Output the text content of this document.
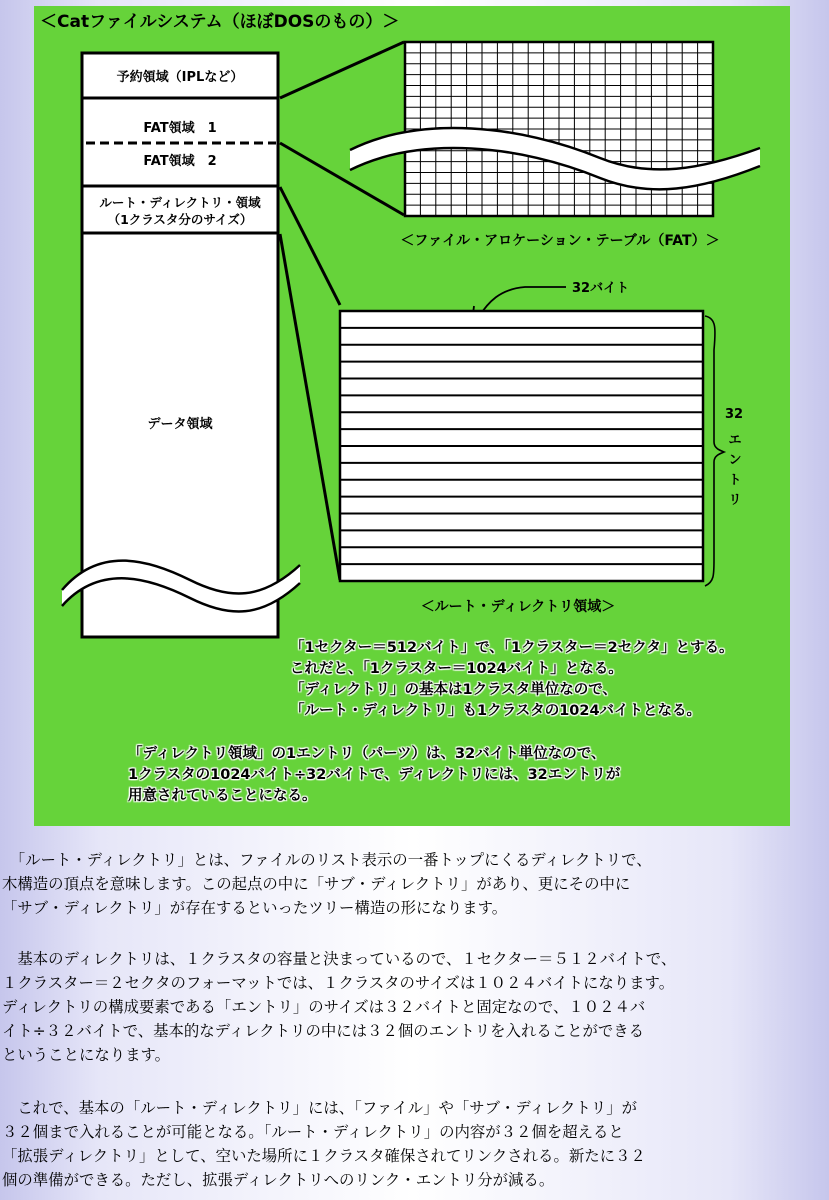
＜Catファイルシステム（ほぼDOSのもの）＞
予約領域（IPLなど）
FAT領域　1
FAT領域　2
ルート・ディレクトリ・領域
（1クラスタ分のサイズ）
データ領域
＜ファイル・アロケーション・テーブル（FAT）＞
32バイト
32
エ
ン
ト
リ
＜ルート・ディレクトリ領域＞
「1セクター＝512バイト」で、「1クラスター＝2セクタ」とする。
これだと、「1クラスター＝1024バイト」となる。
「ディレクトリ」の基本は1クラスタ単位なので、
「ルート・ディレクトリ」も1クラスタの1024バイトとなる。
「ディレクトリ領域」の1エントリ（パーツ）は、32バイト単位なので、
1クラスタの1024バイト÷32バイトで、ディレクトリには、32エントリが
用意されていることになる。
　「ルート・ディレクトリ」とは、ファイルのリスト表示の一番トップにくるディレクトリで、
木構造の頂点を意味します。この起点の中に「サブ・ディレクトリ」があり、更にその中に
「サブ・ディレクトリ」が存在するといったツリー構造の形になります。
　基本のディレクトリは、１クラスタの容量と決まっているので、１セクター＝５１２バイトで、
１クラスター＝２セクタのフォーマットでは、１クラスタのサイズは１０２４バイトになります。
ディレクトリの構成要素である「エントリ」のサイズは３２バイトと固定なので、１０２４バ
イト÷３２バイトで、基本的なディレクトリの中には３２個のエントリを入れることができる
ということになります。
　これで、基本の「ルート・ディレクトリ」には、「ファイル」や「サブ・ディレクトリ」が
３２個まで入れることが可能となる。「ルート・ディレクトリ」の内容が３２個を超えると
「拡張ディレクトリ」として、空いた場所に１クラスタ確保されてリンクされる。新たに３２
個の準備ができる。ただし、拡張ディレクトリへのリンク・エントリ分が減る。
